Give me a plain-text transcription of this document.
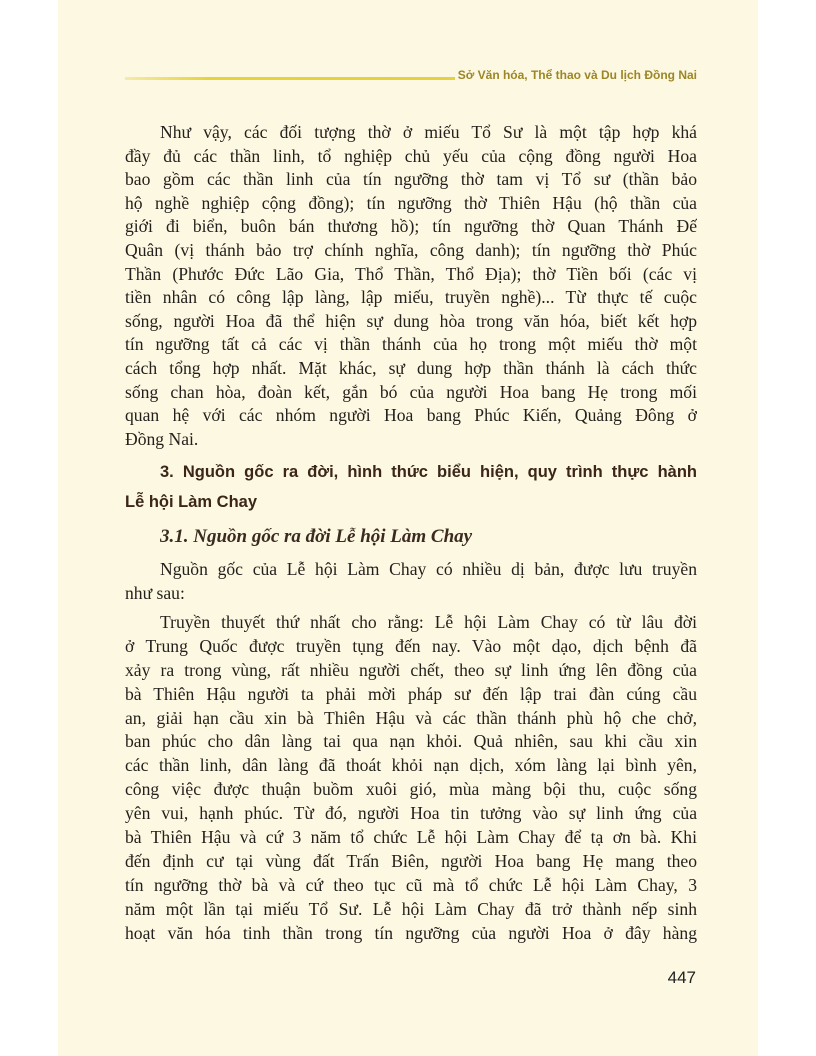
Sở Văn hóa, Thể thao và Du lịch Đồng Nai
Như vậy, các đối tượng thờ ở miếu Tổ Sư là một tập hợp khá
đầy đủ các thần linh, tổ nghiệp chủ yếu của cộng đồng người Hoa
bao gồm các thần linh của tín ngưỡng thờ tam vị Tổ sư (thần bảo
hộ nghề nghiệp cộng đồng); tín ngưỡng thờ Thiên Hậu (hộ thần của
giới đi biển, buôn bán thương hồ); tín ngưỡng thờ Quan Thánh Đế
Quân (vị thánh bảo trợ chính nghĩa, công danh); tín ngưỡng thờ Phúc
Thần (Phước Đức Lão Gia, Thổ Thần, Thổ Địa); thờ Tiền bối (các vị
tiền nhân có công lập làng, lập miếu, truyền nghề)... Từ thực tế cuộc
sống, người Hoa đã thể hiện sự dung hòa trong văn hóa, biết kết hợp
tín ngưỡng tất cả các vị thần thánh của họ trong một miếu thờ một
cách tổng hợp nhất. Mặt khác, sự dung hợp thần thánh là cách thức
sống chan hòa, đoàn kết, gắn bó của người Hoa bang Hẹ trong mối
quan hệ với các nhóm người Hoa bang Phúc Kiến, Quảng Đông ở
Đồng Nai.
3. Nguồn gốc ra đời, hình thức biểu hiện, quy trình thực hành
Lễ hội Làm Chay
3.1. Nguồn gốc ra đời Lễ hội Làm Chay
Nguồn gốc của Lễ hội Làm Chay có nhiều dị bản, được lưu truyền
như sau:
Truyền thuyết thứ nhất cho rằng: Lễ hội Làm Chay có từ lâu đời
ở Trung Quốc được truyền tụng đến nay. Vào một dạo, dịch bệnh đã
xảy ra trong vùng, rất nhiều người chết, theo sự linh ứng lên đồng của
bà Thiên Hậu người ta phải mời pháp sư đến lập trai đàn cúng cầu
an, giải hạn cầu xin bà Thiên Hậu và các thần thánh phù hộ che chở,
ban phúc cho dân làng tai qua nạn khỏi. Quả nhiên, sau khi cầu xin
các thần linh, dân làng đã thoát khỏi nạn dịch, xóm làng lại bình yên,
công việc được thuận buồm xuôi gió, mùa màng bội thu, cuộc sống
yên vui, hạnh phúc. Từ đó, người Hoa tin tưởng vào sự linh ứng của
bà Thiên Hậu và cứ 3 năm tổ chức Lễ hội Làm Chay để tạ ơn bà. Khi
đến định cư tại vùng đất Trấn Biên, người Hoa bang Hẹ mang theo
tín ngưỡng thờ bà và cứ theo tục cũ mà tổ chức Lễ hội Làm Chay, 3
năm một lần tại miếu Tổ Sư. Lễ hội Làm Chay đã trở thành nếp sinh
hoạt văn hóa tinh thần trong tín ngưỡng của người Hoa ở đây hàng
447
